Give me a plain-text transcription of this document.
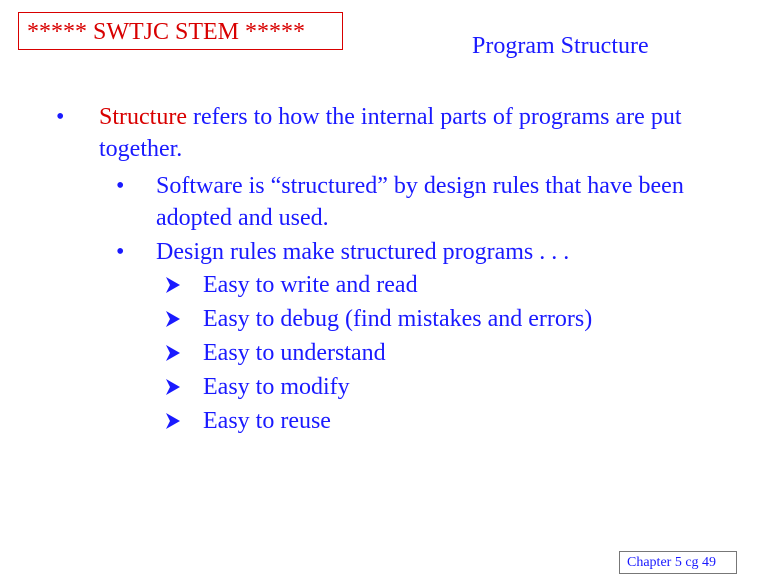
***** SWTJC STEM *****
Program Structure
• Structure refers to how the internal parts of programs are put together.
• Software is “structured” by design rules that have been adopted and used.
• Design rules make structured programs . . .
Easy to write and read
Easy to debug (find mistakes and errors)
Easy to understand
Easy to modify
Easy to reuse
Chapter 5 cg 49
